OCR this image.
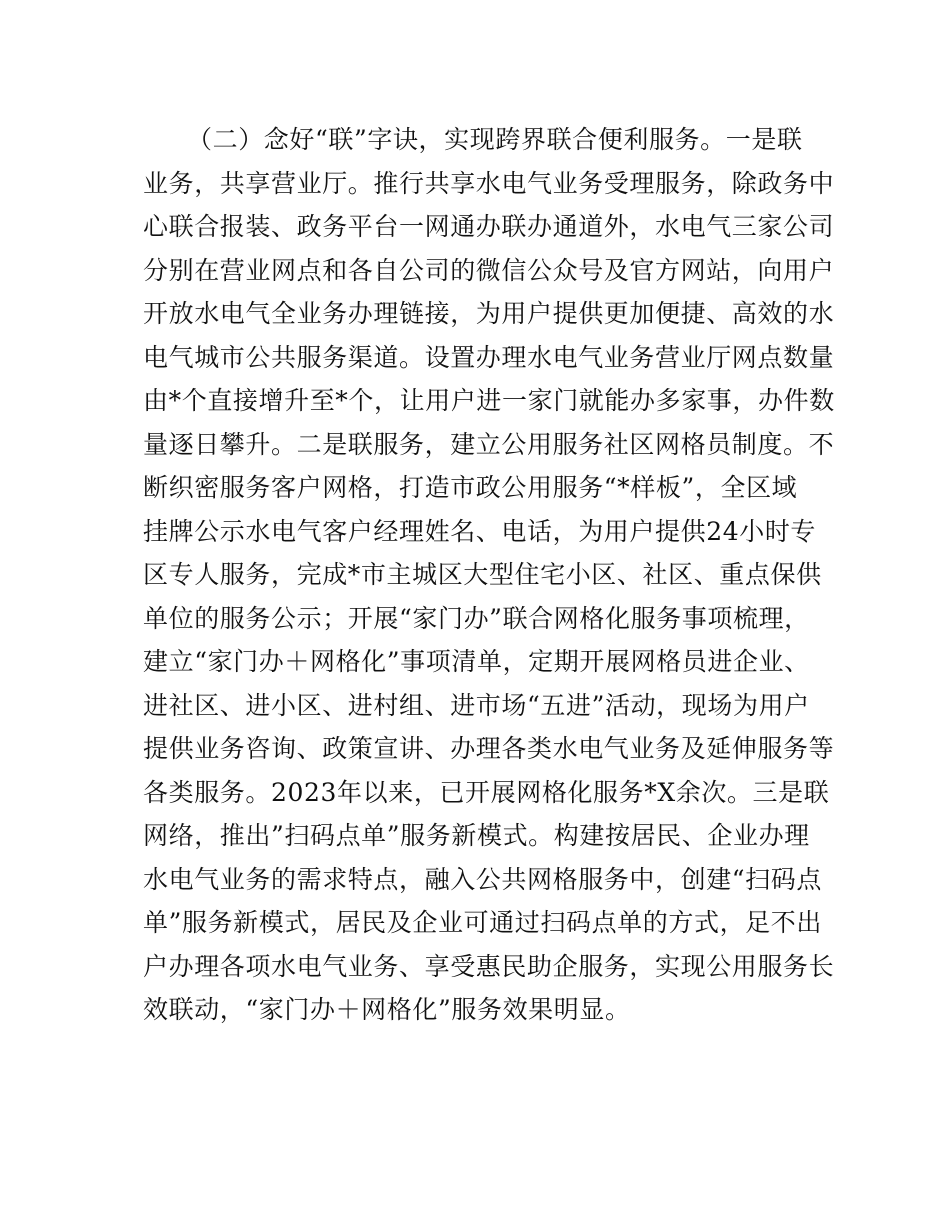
（二）念好“联”字诀，实现跨界联合便利服务。一是联
业务，共享营业厅。推行共享水电气业务受理服务，除政务中
心联合报装、政务平台一网通办联办通道外，水电气三家公司
分别在营业网点和各自公司的微信公众号及官方网站，向用户
开放水电气全业务办理链接，为用户提供更加便捷、高效的水
电气城市公共服务渠道。设置办理水电气业务营业厅网点数量
由*个直接增升至*个，让用户进一家门就能办多家事，办件数
量逐日攀升。二是联服务，建立公用服务社区网格员制度。不
断织密服务客户网格，打造市政公用服务“*样板”，全区域
挂牌公示水电气客户经理姓名、电话，为用户提供24小时专
区专人服务，完成*市主城区大型住宅小区、社区、重点保供
单位的服务公示；开展“家门办”联合网格化服务事项梳理，
建立“家门办＋网格化”事项清单，定期开展网格员进企业、
进社区、进小区、进村组、进市场“五进”活动，现场为用户
提供业务咨询、政策宣讲、办理各类水电气业务及延伸服务等
各类服务。2023年以来，已开展网格化服务*X余次。三是联
网络，推出”扫码点单”服务新模式。构建按居民、企业办理
水电气业务的需求特点，融入公共网格服务中，创建“扫码点
单”服务新模式，居民及企业可通过扫码点单的方式，足不出
户办理各项水电气业务、享受惠民助企服务，实现公用服务长
效联动，“家门办＋网格化”服务效果明显。
